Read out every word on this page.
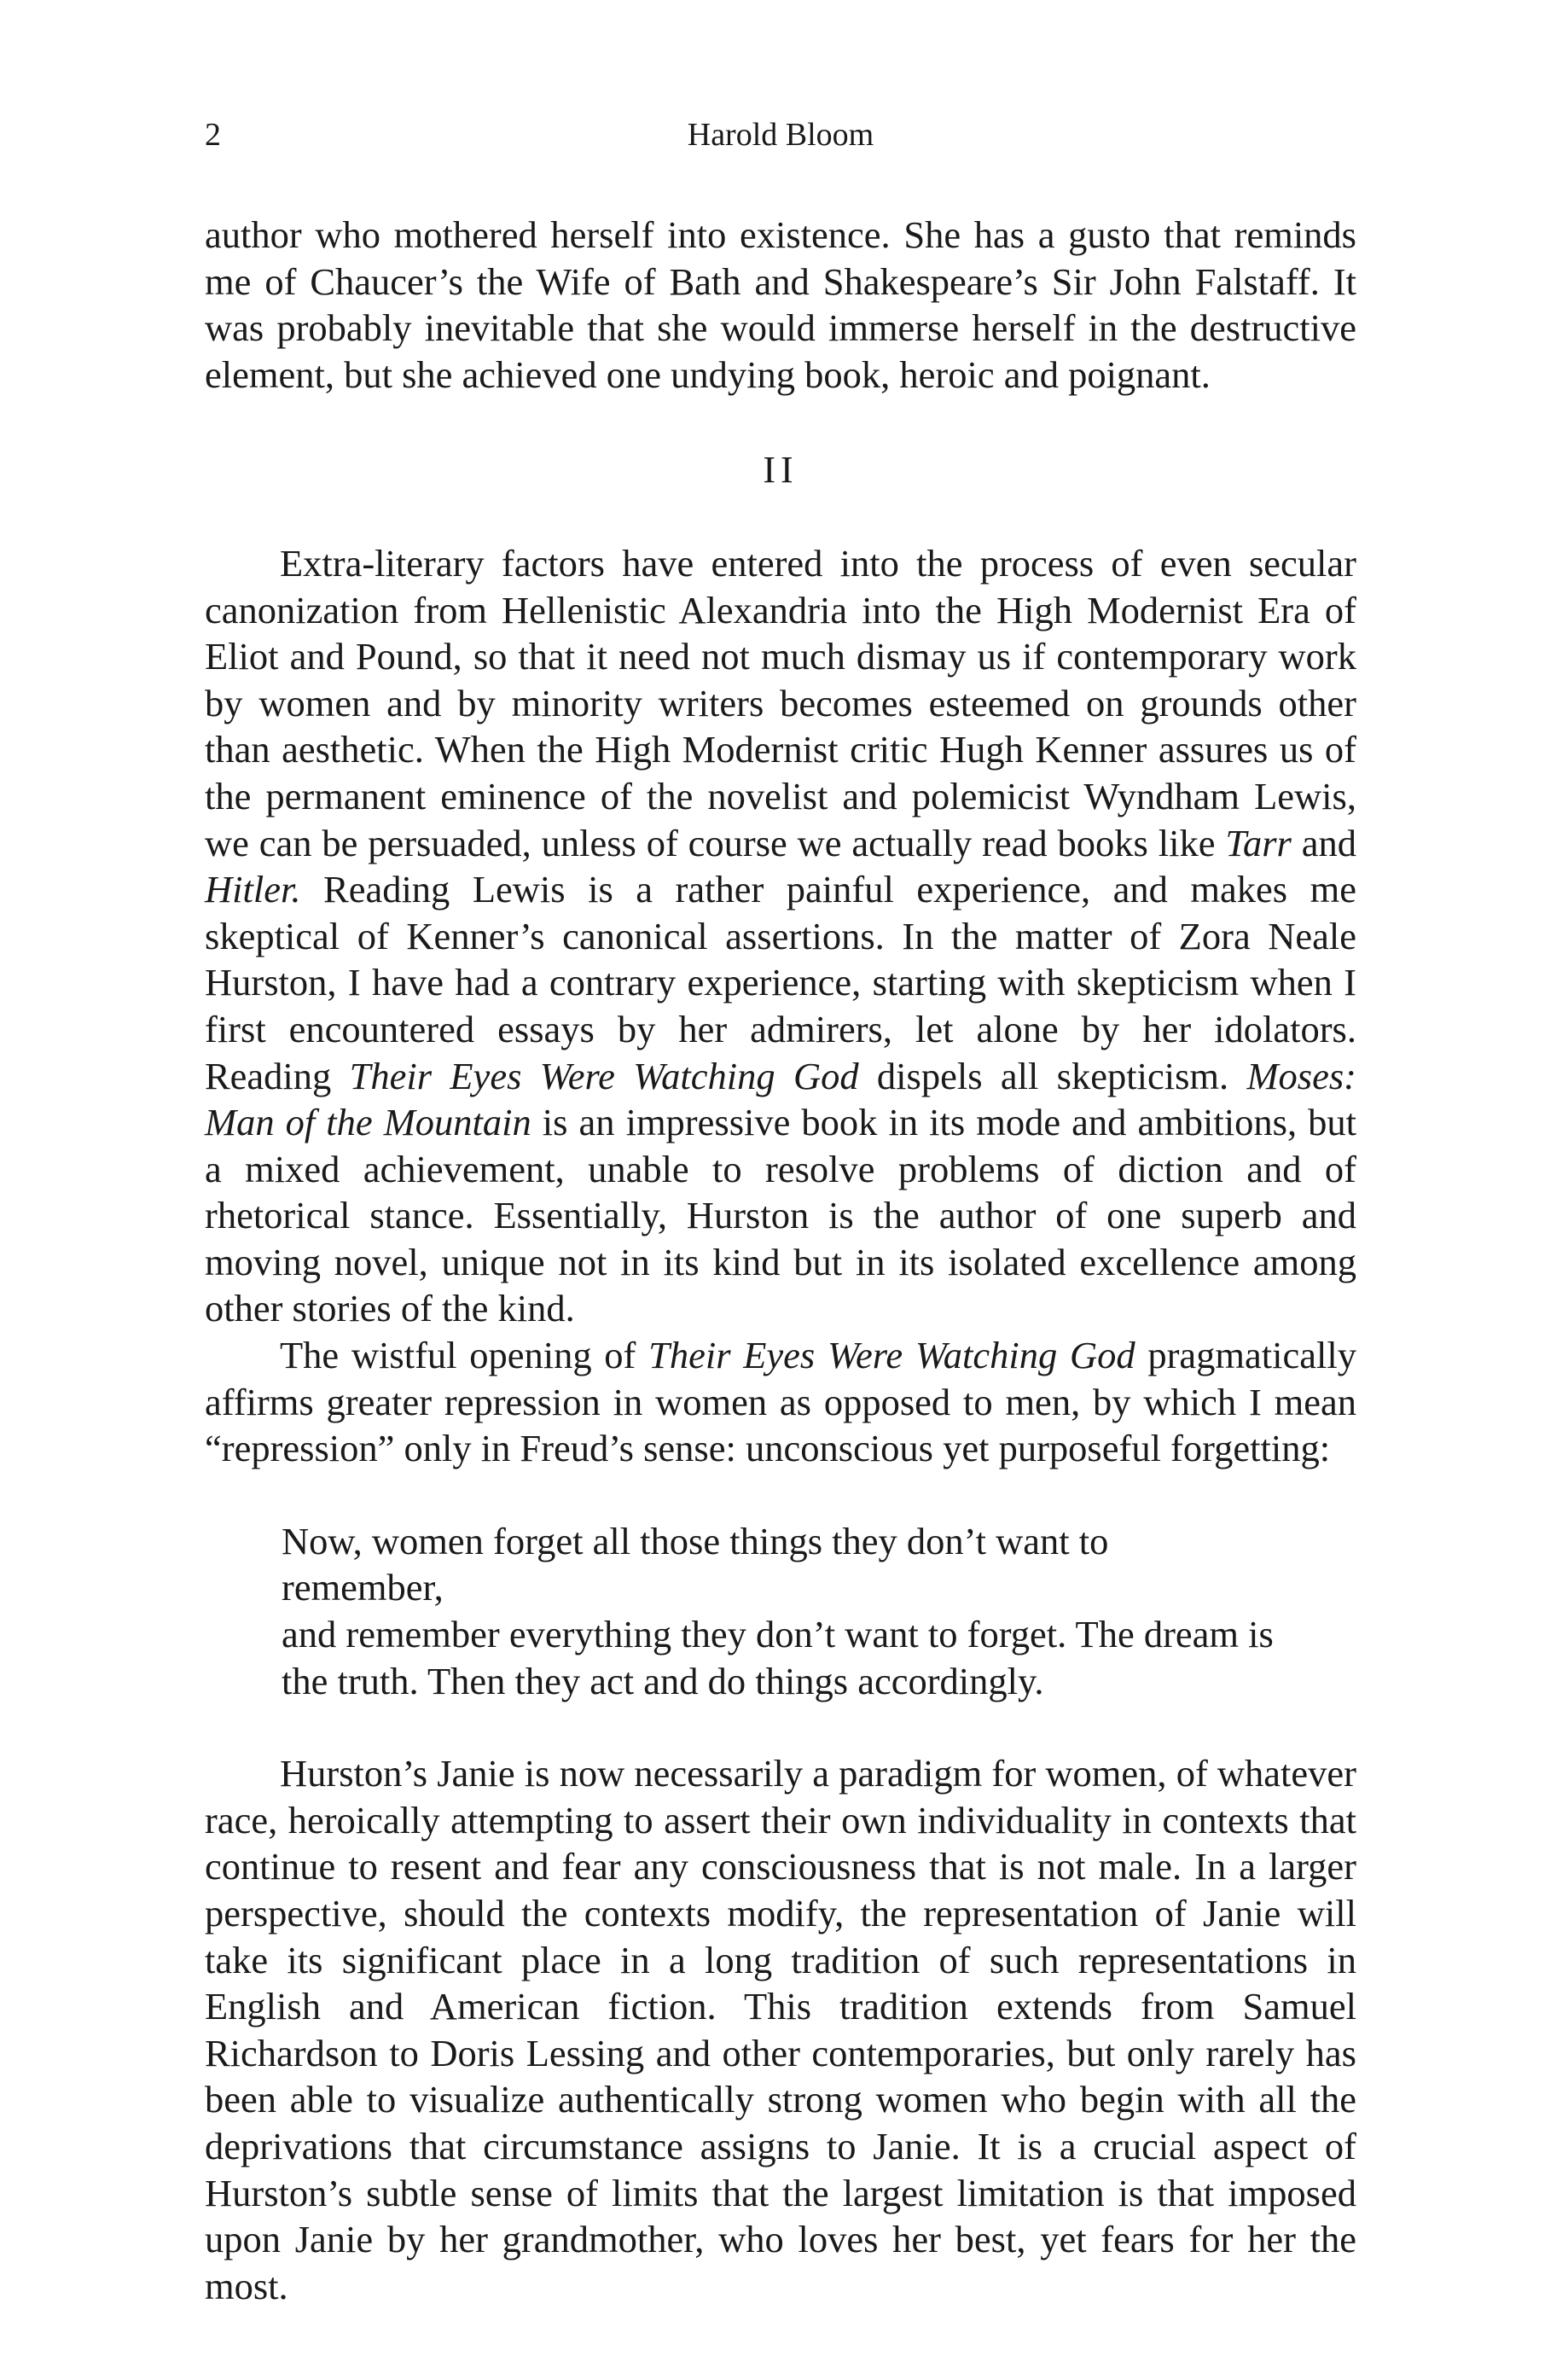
2	Harold Bloom

author who mothered herself into existence. She has a gusto that reminds me of Chaucer’s the Wife of Bath and Shakespeare’s Sir John Falstaff. It was probably inevitable that she would immerse herself in the destructive element, but she achieved one undying book, heroic and poignant.

II

Extra-literary factors have entered into the process of even secular canonization from Hellenistic Alexandria into the High Modernist Era of Eliot and Pound, so that it need not much dismay us if contemporary work by women and by minority writers becomes esteemed on grounds other than aesthetic. When the High Modernist critic Hugh Kenner assures us of the permanent eminence of the novelist and polemicist Wyndham Lewis, we can be persuaded, unless of course we actually read books like Tarr and Hitler. Reading Lewis is a rather painful experience, and makes me skeptical of Kenner’s canonical assertions. In the matter of Zora Neale Hurston, I have had a contrary experience, starting with skepticism when I first encountered essays by her admirers, let alone by her idolators. Reading Their Eyes Were Watching God dispels all skepticism. Moses: Man of the Mountain is an impressive book in its mode and ambitions, but a mixed achievement, unable to resolve problems of diction and of rhetorical stance. Essentially, Hurston is the author of one superb and moving novel, unique not in its kind but in its isolated excellence among other stories of the kind.

The wistful opening of Their Eyes Were Watching God pragmatically affirms greater repression in women as opposed to men, by which I mean “repression” only in Freud’s sense: unconscious yet purposeful forgetting:

Now, women forget all those things they don’t want to remember,
and remember everything they don’t want to forget. The dream is
the truth. Then they act and do things accordingly.

Hurston’s Janie is now necessarily a paradigm for women, of whatever race, heroically attempting to assert their own individuality in contexts that continue to resent and fear any consciousness that is not male. In a larger perspective, should the contexts modify, the representation of Janie will take its significant place in a long tradition of such representations in English and American fiction. This tradition extends from Samuel Richardson to Doris Lessing and other contemporaries, but only rarely has been able to visualize authentically strong women who begin with all the deprivations that circumstance assigns to Janie. It is a crucial aspect of Hurston’s subtle sense of limits that the largest limitation is that imposed upon Janie by her grandmother, who loves her best, yet fears for her the most.
